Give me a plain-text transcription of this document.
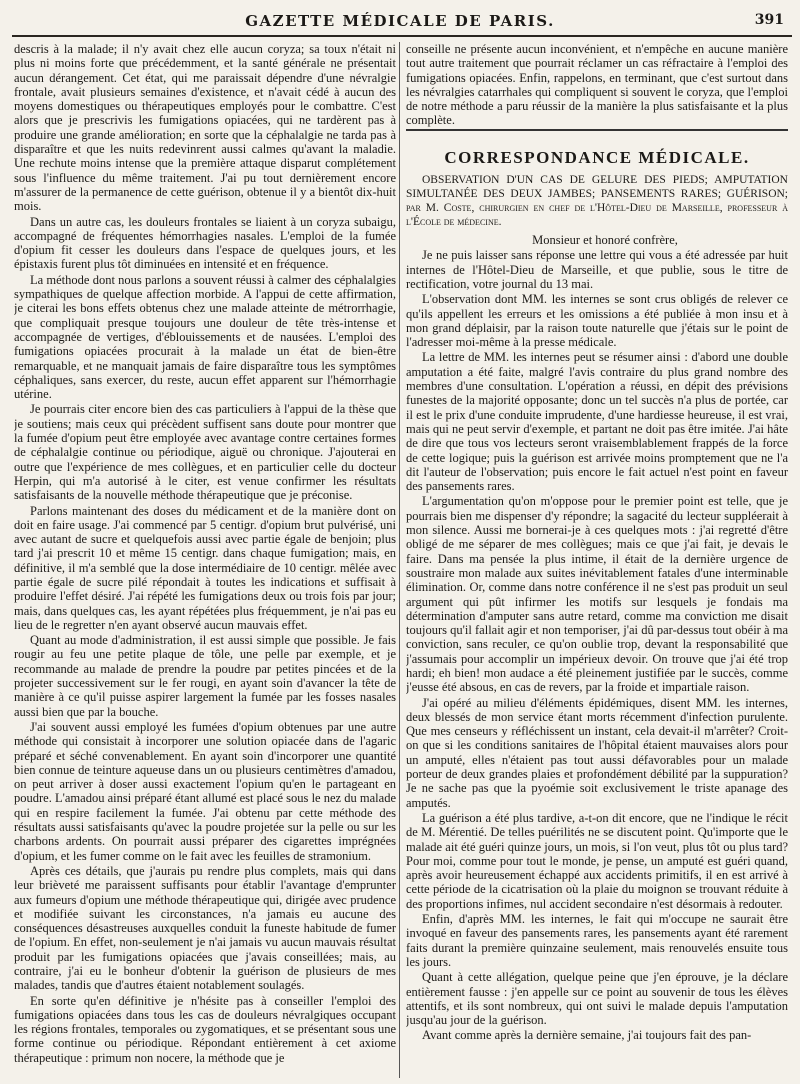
GAZETTE MÉDICALE DE PARIS.	391

descris à la malade; il n'y avait chez elle aucun coryza; sa toux n'était ni plus ni moins forte que précédemment, et la santé générale ne présentait aucun dérangement. Cet état, qui me paraissait dépendre d'une névralgie frontale, avait plusieurs semaines d'existence, et n'avait cédé à aucun des moyens domestiques ou thérapeutiques employés pour le combattre. C'est alors que je prescrivis les fumigations opiacées, qui ne tardèrent pas à produire une grande amélioration; en sorte que la céphalalgie ne tarda pas à disparaître et que les nuits redevinrent aussi calmes qu'avant la maladie. Une rechute moins intense que la première attaque disparut complétement sous l'influence du même traitement. J'ai pu tout dernièrement encore m'assurer de la permanence de cette guérison, obtenue il y a bientôt dix-huit mois.

Dans un autre cas, les douleurs frontales se liaient à un coryza subaigu, accompagné de fréquentes hémorrhagies nasales. L'emploi de la fumée d'opium fit cesser les douleurs dans l'espace de quelques jours, et les épistaxis furent plus tôt diminuées en intensité et en fréquence.

La méthode dont nous parlons a souvent réussi à calmer des céphalalgies sympathiques de quelque affection morbide. A l'appui de cette affirmation, je citerai les bons effets obtenus chez une malade atteinte de métrorrhagie, que compliquait presque toujours une douleur de tête très-intense et accompagnée de vertiges, d'éblouissements et de nausées. L'emploi des fumigations opiacées procurait à la malade un état de bien-être remarquable, et ne manquait jamais de faire disparaître tous les symptômes céphaliques, sans exercer, du reste, aucun effet apparent sur l'hémorrhagie utérine.

Je pourrais citer encore bien des cas particuliers à l'appui de la thèse que je soutiens; mais ceux qui précèdent suffisent sans doute pour montrer que la fumée d'opium peut être employée avec avantage contre certaines formes de céphalalgie continue ou périodique, aiguë ou chronique. J'ajouterai en outre que l'expérience de mes collègues, et en particulier celle du docteur Herpin, qui m'a autorisé à le citer, est venue confirmer les résultats satisfaisants de la nouvelle méthode thérapeutique que je préconise.

Parlons maintenant des doses du médicament et de la manière dont on doit en faire usage. J'ai commencé par 5 centigr. d'opium brut pulvérisé, uni avec autant de sucre et quelquefois aussi avec partie égale de benjoin; plus tard j'ai prescrit 10 et même 15 centigr. dans chaque fumigation; mais, en définitive, il m'a semblé que la dose intermédiaire de 10 centigr. mêlée avec partie égale de sucre pilé répondait à toutes les indications et suffisait à produire l'effet désiré. J'ai répété les fumigations deux ou trois fois par jour; mais, dans quelques cas, les ayant répétées plus fréquemment, je n'ai pas eu lieu de le regretter n'en ayant observé aucun mauvais effet.

Quant au mode d'administration, il est aussi simple que possible. Je fais rougir au feu une petite plaque de tôle, une pelle par exemple, et je recommande au malade de prendre la poudre par petites pincées et de la projeter successivement sur le fer rougi, en ayant soin d'avancer la tête de manière à ce qu'il puisse aspirer largement la fumée par les fosses nasales aussi bien que par la bouche.

J'ai souvent aussi employé les fumées d'opium obtenues par une autre méthode qui consistait à incorporer une solution opiacée dans de l'agaric préparé et séché convenablement. En ayant soin d'incorporer une quantité bien connue de teinture aqueuse dans un ou plusieurs centimètres d'amadou, on peut arriver à doser aussi exactement l'opium qu'en le partageant en poudre. L'amadou ainsi préparé étant allumé est placé sous le nez du malade qui en respire facilement la fumée. J'ai obtenu par cette méthode des résultats aussi satisfaisants qu'avec la poudre projetée sur la pelle ou sur les charbons ardents. On pourrait aussi préparer des cigarettes imprégnées d'opium, et les fumer comme on le fait avec les feuilles de stramonium.

Après ces détails, que j'aurais pu rendre plus complets, mais qui dans leur brièveté me paraissent suffisants pour établir l'avantage d'emprunter aux fumeurs d'opium une méthode thérapeutique qui, dirigée avec prudence et modifiée suivant les circonstances, n'a jamais eu aucune des conséquences désastreuses auxquelles conduit la funeste habitude de fumer de l'opium. En effet, non-seulement je n'ai jamais vu aucun mauvais résultat produit par les fumigations opiacées que j'avais conseillées; mais, au contraire, j'ai eu le bonheur d'obtenir la guérison de plusieurs de mes malades, tandis que d'autres étaient notablement soulagés.

En sorte qu'en définitive je n'hésite pas à conseiller l'emploi des fumigations opiacées dans tous les cas de douleurs névralgiques occupant les régions frontales, temporales ou zygomatiques, et se présentant sous une forme continue ou périodique. Répondant entièrement à cet axiome thérapeutique : primum non nocere, la méthode que je

conseille ne présente aucun inconvénient, et n'empêche en aucune manière tout autre traitement que pourrait réclamer un cas réfractaire à l'emploi des fumigations opiacées. Enfin, rappelons, en terminant, que c'est surtout dans les névralgies catarrhales qui compliquent si souvent le coryza, que l'emploi de notre méthode a paru réussir de la manière la plus satisfaisante et la plus complète.

CORRESPONDANCE MÉDICALE.

OBSERVATION D'UN CAS DE GELURE DES PIEDS; AMPUTATION SIMULTANÉE DES DEUX JAMBES; PANSEMENTS RARES; GUÉRISON; par M. Coste, chirurgien en chef de l'Hôtel-Dieu de Marseille, professeur à l'École de médecine.

Monsieur et honoré confrère,

Je ne puis laisser sans réponse une lettre qui vous a été adressée par huit internes de l'Hôtel-Dieu de Marseille, et que publie, sous le titre de rectification, votre journal du 13 mai.

L'observation dont MM. les internes se sont crus obligés de relever ce qu'ils appellent les erreurs et les omissions a été publiée à mon insu et à mon grand déplaisir, par la raison toute naturelle que j'étais sur le point de l'adresser moi-même à la presse médicale.

La lettre de MM. les internes peut se résumer ainsi : d'abord une double amputation a été faite, malgré l'avis contraire du plus grand nombre des membres d'une consultation. L'opération a réussi, en dépit des prévisions funestes de la majorité opposante; donc un tel succès n'a plus de portée, car il est le prix d'une conduite imprudente, d'une hardiesse heureuse, il est vrai, mais qui ne peut servir d'exemple, et partant ne doit pas être imitée. J'ai hâte de dire que tous vos lecteurs seront vraisemblablement frappés de la force de cette logique; puis la guérison est arrivée moins promptement que ne l'a dit l'auteur de l'observation; puis encore le fait actuel n'est point en faveur des pansements rares.

L'argumentation qu'on m'oppose pour le premier point est telle, que je pourrais bien me dispenser d'y répondre; la sagacité du lecteur suppléerait à mon silence. Aussi me bornerai-je à ces quelques mots : j'ai regretté d'être obligé de me séparer de mes collègues; mais ce que j'ai fait, je devais le faire. Dans ma pensée la plus intime, il était de la dernière urgence de soustraire mon malade aux suites inévitablement fatales d'une interminable élimination. Or, comme dans notre conférence il ne s'est pas produit un seul argument qui pût infirmer les motifs sur lesquels je fondais ma détermination d'amputer sans autre retard, comme ma conviction me disait toujours qu'il fallait agir et non temporiser, j'ai dû par-dessus tout obéir à ma conviction, sans reculer, ce qu'on oublie trop, devant la responsabilité que j'assumais pour accomplir un impérieux devoir. On trouve que j'ai été trop hardi; eh bien! mon audace a été pleinement justifiée par le succès, comme j'eusse été absous, en cas de revers, par la froide et impartiale raison.

J'ai opéré au milieu d'éléments épidémiques, disent MM. les internes, deux blessés de mon service étant morts récemment d'infection purulente. Que mes censeurs y réfléchissent un instant, cela devait-il m'arrêter? Croit-on que si les conditions sanitaires de l'hôpital étaient mauvaises alors pour un amputé, elles n'étaient pas tout aussi défavorables pour un malade porteur de deux grandes plaies et profondément débilité par la suppuration? Je ne sache pas que la pyoémie soit exclusivement le triste apanage des amputés.

La guérison a été plus tardive, a-t-on dit encore, que ne l'indique le récit de M. Mérentié. De telles puérilités ne se discutent point. Qu'importe que le malade ait été guéri quinze jours, un mois, si l'on veut, plus tôt ou plus tard? Pour moi, comme pour tout le monde, je pense, un amputé est guéri quand, après avoir heureusement échappé aux accidents primitifs, il en est arrivé à cette période de la cicatrisation où la plaie du moignon se trouvant réduite à des proportions infimes, nul accident secondaire n'est désormais à redouter.

Enfin, d'après MM. les internes, le fait qui m'occupe ne saurait être invoqué en faveur des pansements rares, les pansements ayant été rarement faits durant la première quinzaine seulement, mais renouvelés ensuite tous les jours.

Quant à cette allégation, quelque peine que j'en éprouve, je la déclare entièrement fausse : j'en appelle sur ce point au souvenir de tous les élèves attentifs, et ils sont nombreux, qui ont suivi le malade depuis l'amputation jusqu'au jour de la guérison.

Avant comme après la dernière semaine, j'ai toujours fait des pan-
